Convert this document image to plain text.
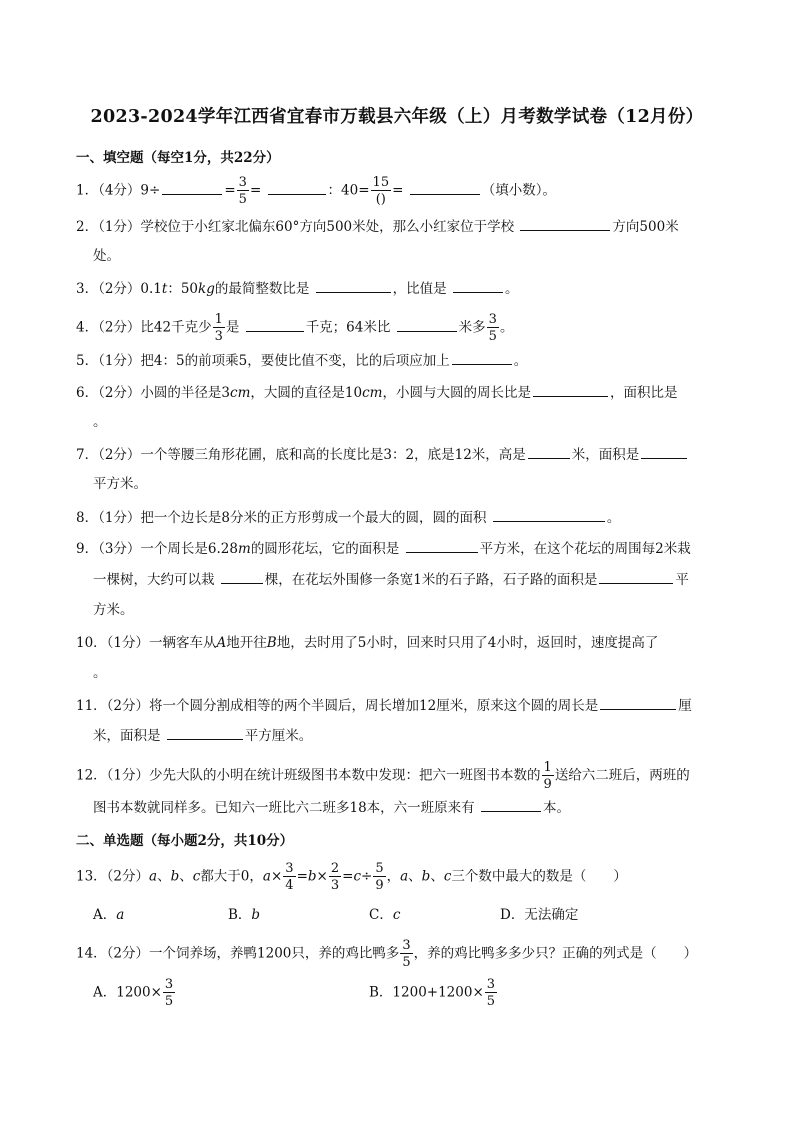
2023-2024学年江西省宜春市万载县六年级（上）月考数学试卷（12月份）
一、填空题（每空1分，共22分）
1．（4分）9÷	= $\frac{3}{5}$ =	：$40= \frac{15}{()}$ =	（填小数）。
2．（1分）学校位于小红家北偏东60°方向500米处，那么小红家位于学校	方向500米
处。
3．（2分）0.1t：50kg的最简整数比是	，比值是	。
4．（2分）比42千克少 $\frac{1}{3}$ 是	千克；64米比	米多 $\frac{3}{5}$ 。
5．（1分）把4：5的前项乘5，要使比值不变，比的后项应加上	。
6．（2分）小圆的半径是3cm，大圆的直径是10cm，小圆与大圆的周长比是	，面积比是
。
7．（2分）一个等腰三角形花圃，底和高的长度比是3：2，底是12米，高是	米，面积是
平方米。
8．（1分）把一个边长是8分米的正方形剪成一个最大的圆，圆的面积	。
9．（3分）一个周长是6.28m的圆形花坛，它的面积是	平方米，在这个花坛的周围每2米栽
一棵树，大约可以栽	棵，在花坛外围修一条宽1米的石子路，石子路的面积是	平
方米。
10．（1分）一辆客车从A地开往B地，去时用了5小时，回来时只用了4小时，返回时，速度提高了
。
11．（2分）将一个圆分割成相等的两个半圆后，周长增加12厘米，原来这个圆的周长是	厘
米，面积是	平方厘米。
12．（1分）少先大队的小明在统计班级图书本数中发现：把六一班图书本数的 $\frac{1}{9}$ 送给六二班后，两班的
图书本数就同样多。已知六一班比六二班多18本，六一班原来有	本。
二、单选题（每小题2分，共10分）
13．（2分）a、b、c都大于0，$a\times \frac{3}{4} =b\times \frac{2}{3} =c\div \frac{5}{9}$ ，a、b、c三个数中最大的数是（　　）
A．a	B．b	C．c	D．无法确定
14．（2分）一个饲养场，养鸭1200只，养的鸡比鸭多 $\frac{3}{5}$ ，养的鸡比鸭多多少只？正确的列式是（　　）
A．$1200\times \frac{3}{5}$	B．$1200+1200\times \frac{3}{5}$
